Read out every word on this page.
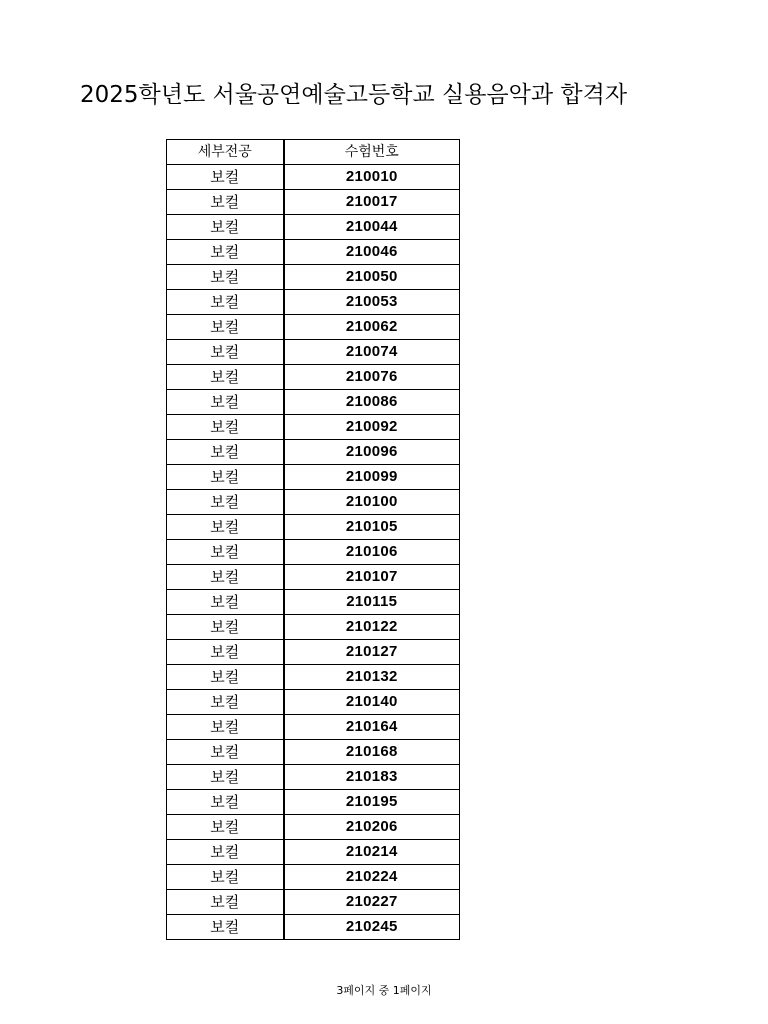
2025학년도 서울공연예술고등학교 실용음악과 합격자
세부전공	수험번호
보컬	210010
보컬	210017
보컬	210044
보컬	210046
보컬	210050
보컬	210053
보컬	210062
보컬	210074
보컬	210076
보컬	210086
보컬	210092
보컬	210096
보컬	210099
보컬	210100
보컬	210105
보컬	210106
보컬	210107
보컬	210115
보컬	210122
보컬	210127
보컬	210132
보컬	210140
보컬	210164
보컬	210168
보컬	210183
보컬	210195
보컬	210206
보컬	210214
보컬	210224
보컬	210227
보컬	210245
3페이지 중 1페이지
